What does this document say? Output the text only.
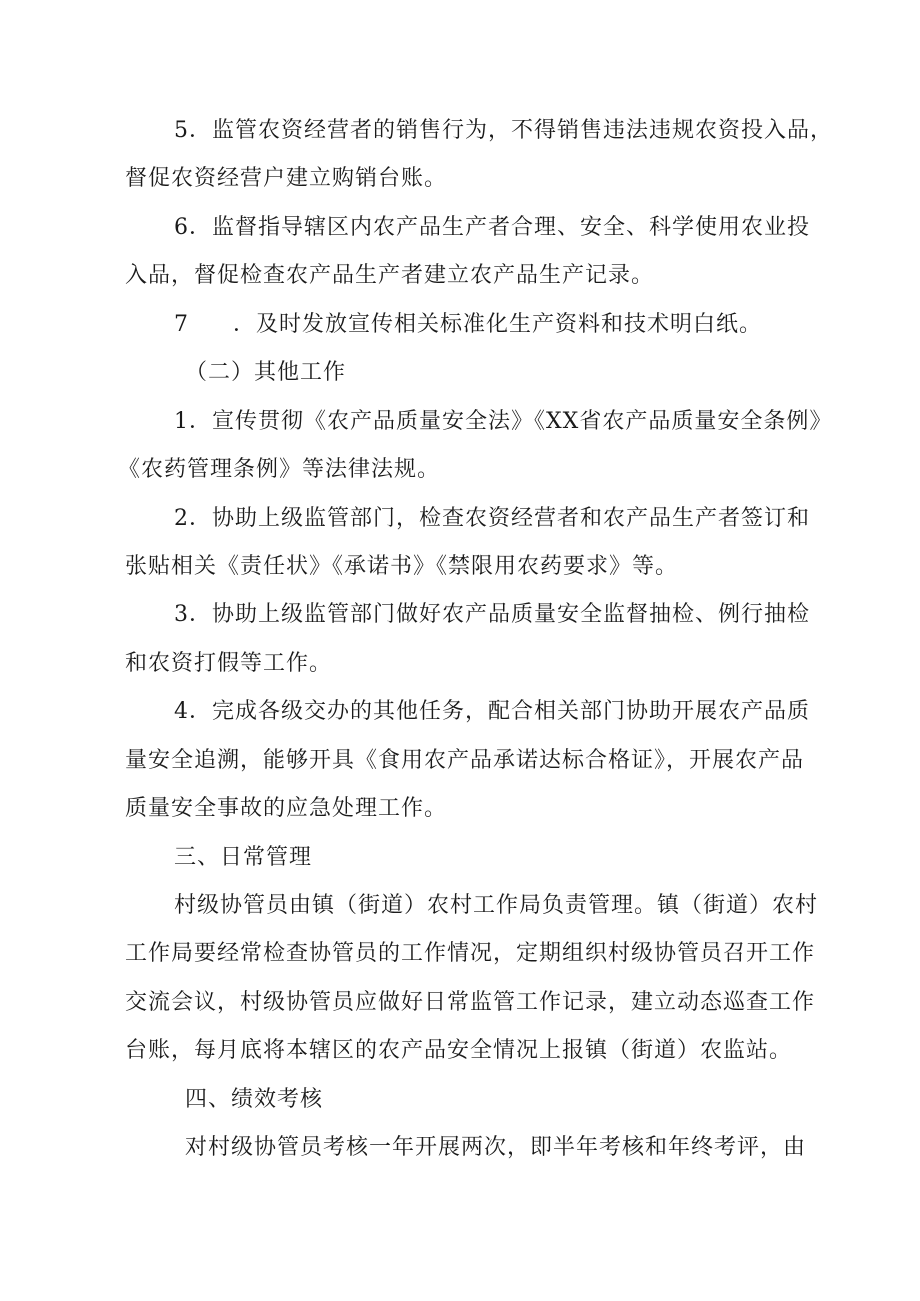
5．监管农资经营者的销售行为，不得销售违法违规农资投入品，
督促农资经营户建立购销台账。
6．监督指导辖区内农产品生产者合理、安全、科学使用农业投
入品，督促检查农产品生产者建立农产品生产记录。
7 ．及时发放宣传相关标准化生产资料和技术明白纸。
（二）其他工作
1．宣传贯彻《农产品质量安全法》《XX省农产品质量安全条例》
《农药管理条例》等法律法规。
2．协助上级监管部门，检查农资经营者和农产品生产者签订和
张贴相关《责任状》《承诺书》《禁限用农药要求》等。
3．协助上级监管部门做好农产品质量安全监督抽检、例行抽检
和农资打假等工作。
4．完成各级交办的其他任务，配合相关部门协助开展农产品质
量安全追溯，能够开具《食用农产品承诺达标合格证》，开展农产品
质量安全事故的应急处理工作。
三、日常管理
村级协管员由镇（街道）农村工作局负责管理。镇（街道）农村
工作局要经常检查协管员的工作情况，定期组织村级协管员召开工作
交流会议，村级协管员应做好日常监管工作记录，建立动态巡查工作
台账，每月底将本辖区的农产品安全情况上报镇（街道）农监站。
四、绩效考核
对村级协管员考核一年开展两次，即半年考核和年终考评，由
